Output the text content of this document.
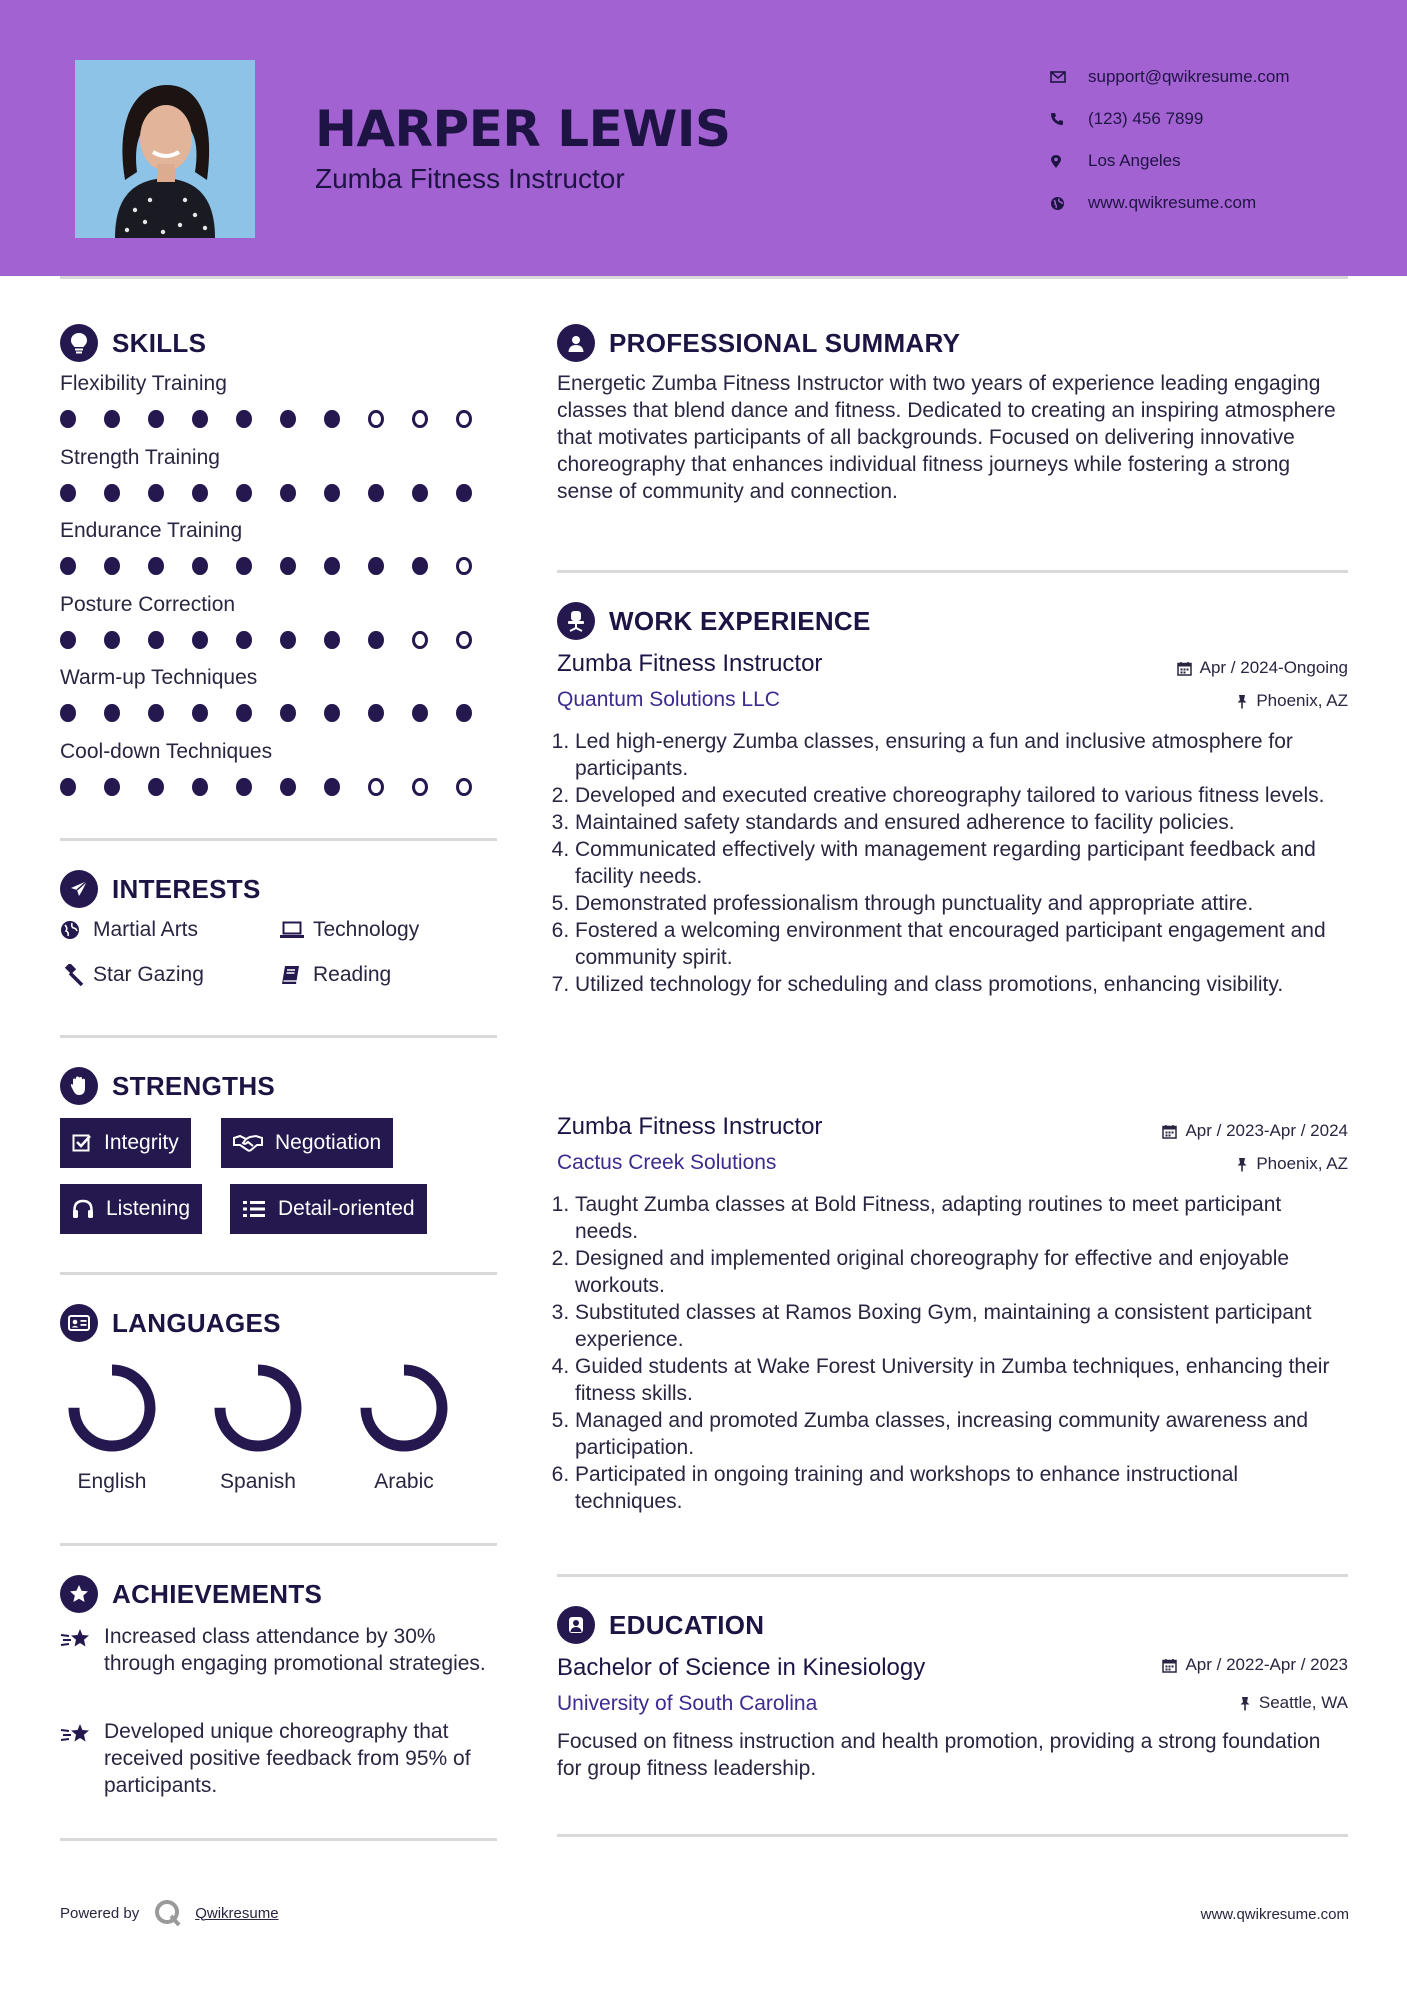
HARPER LEWIS
Zumba Fitness Instructor
support@qwikresume.com
(123) 456 7899
Los Angeles
www.qwikresume.com
SKILLS
Flexibility Training
Strength Training
Endurance Training
Posture Correction
Warm-up Techniques
Cool-down Techniques
INTERESTS
Martial Arts	Technology
Star Gazing	Reading
STRENGTHS
Integrity	Negotiation
Listening	Detail-oriented
LANGUAGES
English	Spanish	Arabic
ACHIEVEMENTS
Increased class attendance by 30% through engaging promotional strategies.
Developed unique choreography that received positive feedback from 95% of participants.
PROFESSIONAL SUMMARY
Energetic Zumba Fitness Instructor with two years of experience leading engaging classes that blend dance and fitness. Dedicated to creating an inspiring atmosphere that motivates participants of all backgrounds. Focused on delivering innovative choreography that enhances individual fitness journeys while fostering a strong sense of community and connection.
WORK EXPERIENCE
Zumba Fitness Instructor	Apr / 2024-Ongoing
Quantum Solutions LLC	Phoenix, AZ
1. Led high-energy Zumba classes, ensuring a fun and inclusive atmosphere for participants.
2. Developed and executed creative choreography tailored to various fitness levels.
3. Maintained safety standards and ensured adherence to facility policies.
4. Communicated effectively with management regarding participant feedback and facility needs.
5. Demonstrated professionalism through punctuality and appropriate attire.
6. Fostered a welcoming environment that encouraged participant engagement and community spirit.
7. Utilized technology for scheduling and class promotions, enhancing visibility.
Zumba Fitness Instructor	Apr / 2023-Apr / 2024
Cactus Creek Solutions	Phoenix, AZ
1. Taught Zumba classes at Bold Fitness, adapting routines to meet participant needs.
2. Designed and implemented original choreography for effective and enjoyable workouts.
3. Substituted classes at Ramos Boxing Gym, maintaining a consistent participant experience.
4. Guided students at Wake Forest University in Zumba techniques, enhancing their fitness skills.
5. Managed and promoted Zumba classes, increasing community awareness and participation.
6. Participated in ongoing training and workshops to enhance instructional techniques.
EDUCATION
Bachelor of Science in Kinesiology	Apr / 2022-Apr / 2023
University of South Carolina	Seattle, WA
Focused on fitness instruction and health promotion, providing a strong foundation for group fitness leadership.
Powered by	Qwikresume	www.qwikresume.com
